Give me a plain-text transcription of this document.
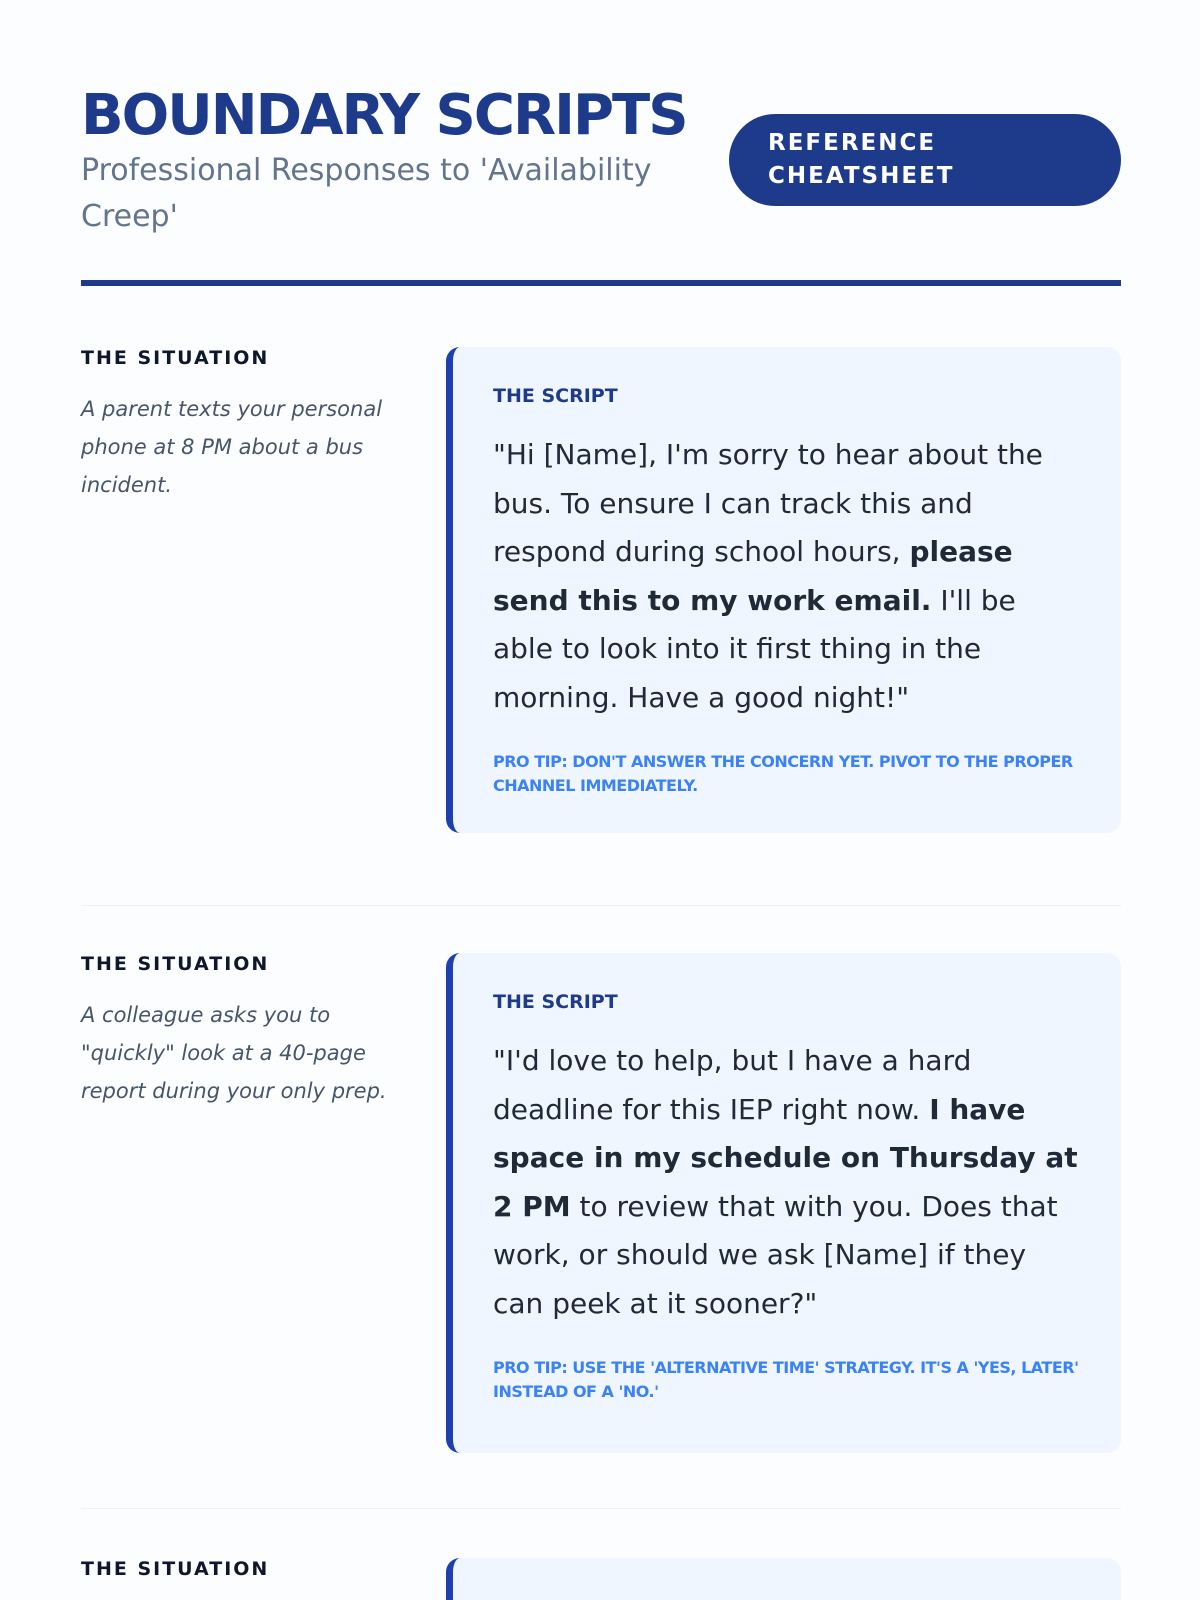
BOUNDARY SCRIPTS

Professional Responses to 'Availability Creep'

REFERENCE CHEATSHEET
THE SITUATION
A parent texts your personal phone at 8 PM about a bus incident.
THE SCRIPT
"Hi [Name], I'm sorry to hear about the bus. To ensure I can track this and respond during school hours, please send this to my work email. I'll be able to look into it first thing in the morning. Have a good night!"
PRO TIP: DON'T ANSWER THE CONCERN YET. PIVOT TO THE PROPER CHANNEL IMMEDIATELY.
THE SITUATION
A colleague asks you to "quickly" look at a 40-page report during your only prep.
THE SCRIPT
"I'd love to help, but I have a hard deadline for this IEP right now. I have space in my schedule on Thursday at 2 PM to review that with you. Does that work, or should we ask [Name] if they can peek at it sooner?"
PRO TIP: USE THE 'ALTERNATIVE TIME' STRATEGY. IT'S A 'YES, LATER' INSTEAD OF A 'NO.'
THE SITUATION
